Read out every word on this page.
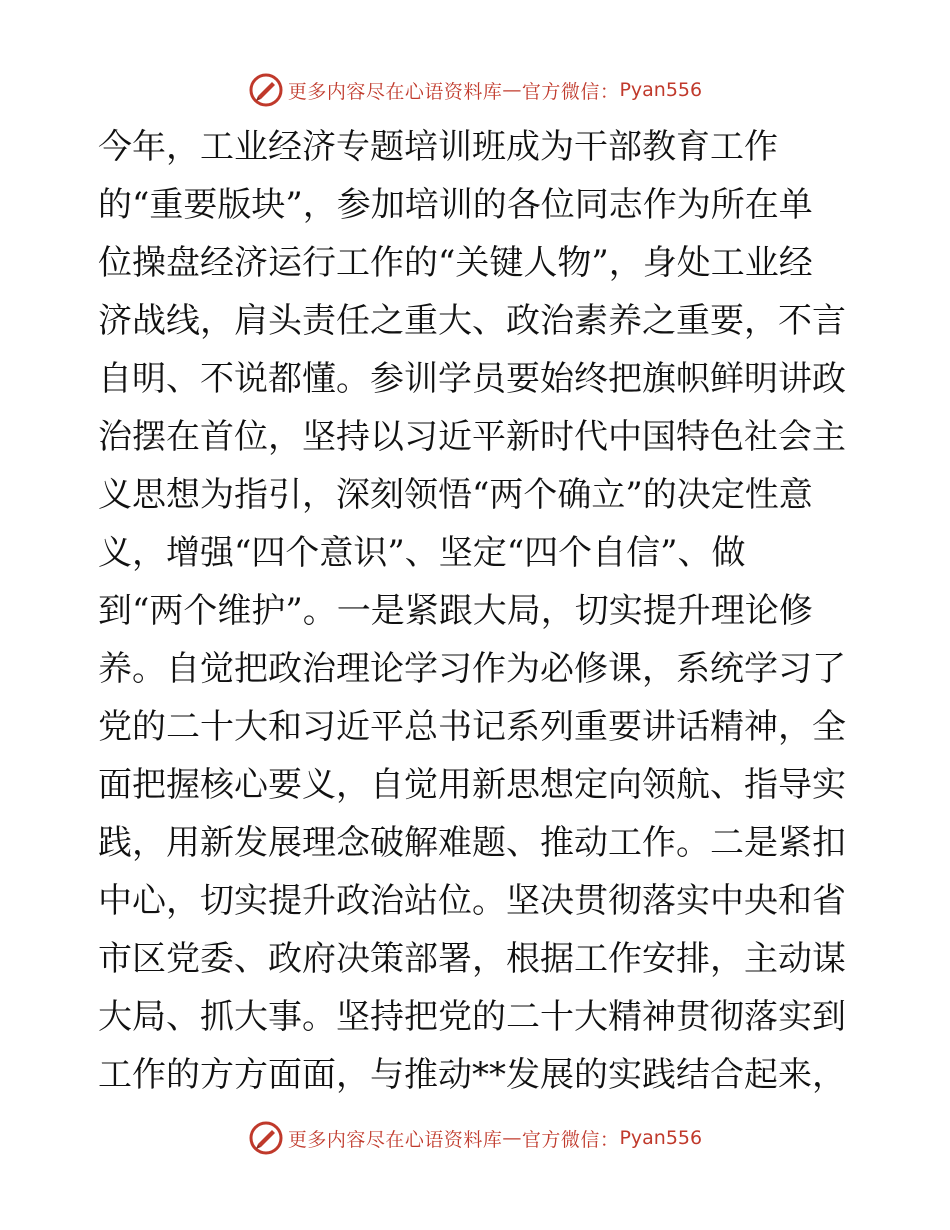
更多内容尽在心语资料库 — 官方微信： Pyan556
今年，工业经济专题培训班成为干部教育工作
的“重要版块”，参加培训的各位同志作为所在单
位操盘经济运行工作的“关键人物”，身处工业经
济战线，肩头责任之重大、政治素养之重要，不言
自明、不说都懂。参训学员要始终把旗帜鲜明讲政
治摆在首位，坚持以习近平新时代中国特色社会主
义思想为指引，深刻领悟“两个确立”的决定性意
义，增强“四个意识”、坚定“四个自信”、做
到“两个维护”。一是紧跟大局，切实提升理论修
养。自觉把政治理论学习作为必修课，系统学习了
党的二十大和习近平总书记系列重要讲话精神，全
面把握核心要义，自觉用新思想定向领航、指导实
践，用新发展理念破解难题、推动工作。二是紧扣
中心，切实提升政治站位。坚决贯彻落实中央和省
市区党委、政府决策部署，根据工作安排，主动谋
大局、抓大事。坚持把党的二十大精神贯彻落实到
工作的方方面面，与推动**发展的实践结合起来，
更多内容尽在心语资料库 — 官方微信： Pyan556
